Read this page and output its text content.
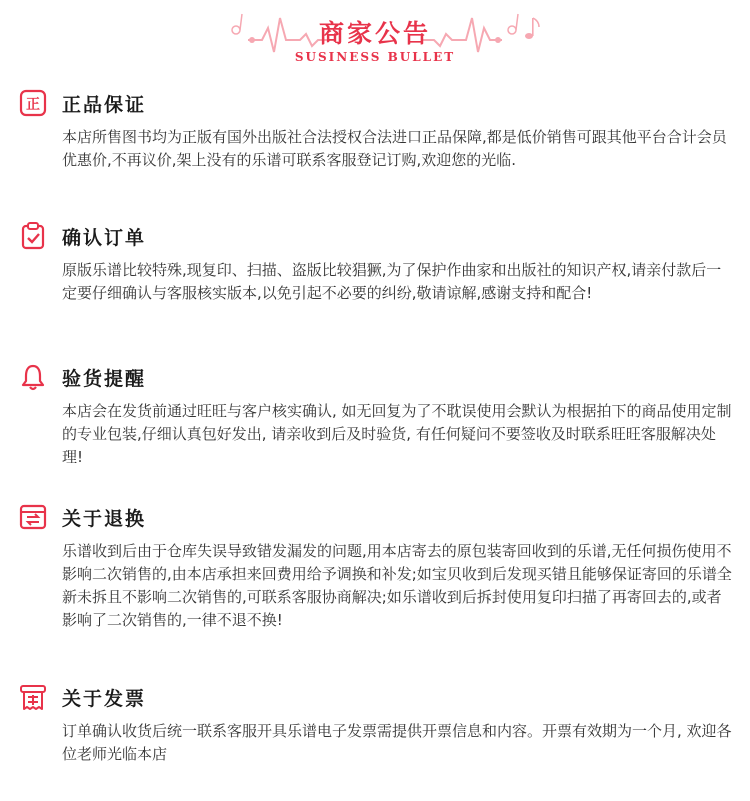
商家公告
SUSINESS BULLET
正 正品保证
本店所售图书均为正版有国外出版社合法授权合法进口正品保障,都是低价销售可跟其他平台合计会员优惠价,不再议价,架上没有的乐谱可联系客服登记订购,欢迎您的光临.
确认订单
原版乐谱比较特殊,现复印、扫描、盗版比较猖獗,为了保护作曲家和出版社的知识产权,请亲付款后一定要仔细确认与客服核实版本,以免引起不必要的纠纷,敬请谅解,感谢支持和配合!
验货提醒
本店会在发货前通过旺旺与客户核实确认, 如无回复为了不耽误使用会默认为根据拍下的商品使用定制的专业包装,仔细认真包好发出, 请亲收到后及时验货, 有任何疑问不要签收及时联系旺旺客服解决处理!
关于退换
乐谱收到后由于仓库失误导致错发漏发的问题,用本店寄去的原包装寄回收到的乐谱,无任何损伤使用不影响二次销售的,由本店承担来回费用给予调换和补发;如宝贝收到后发现买错且能够保证寄回的乐谱全新未拆且不影响二次销售的,可联系客服协商解决;如乐谱收到后拆封使用复印扫描了再寄回去的,或者影响了二次销售的,一律不退不换!
关于发票
订单确认收货后统一联系客服开具乐谱电子发票需提供开票信息和内容。开票有效期为一个月, 欢迎各位老师光临本店
